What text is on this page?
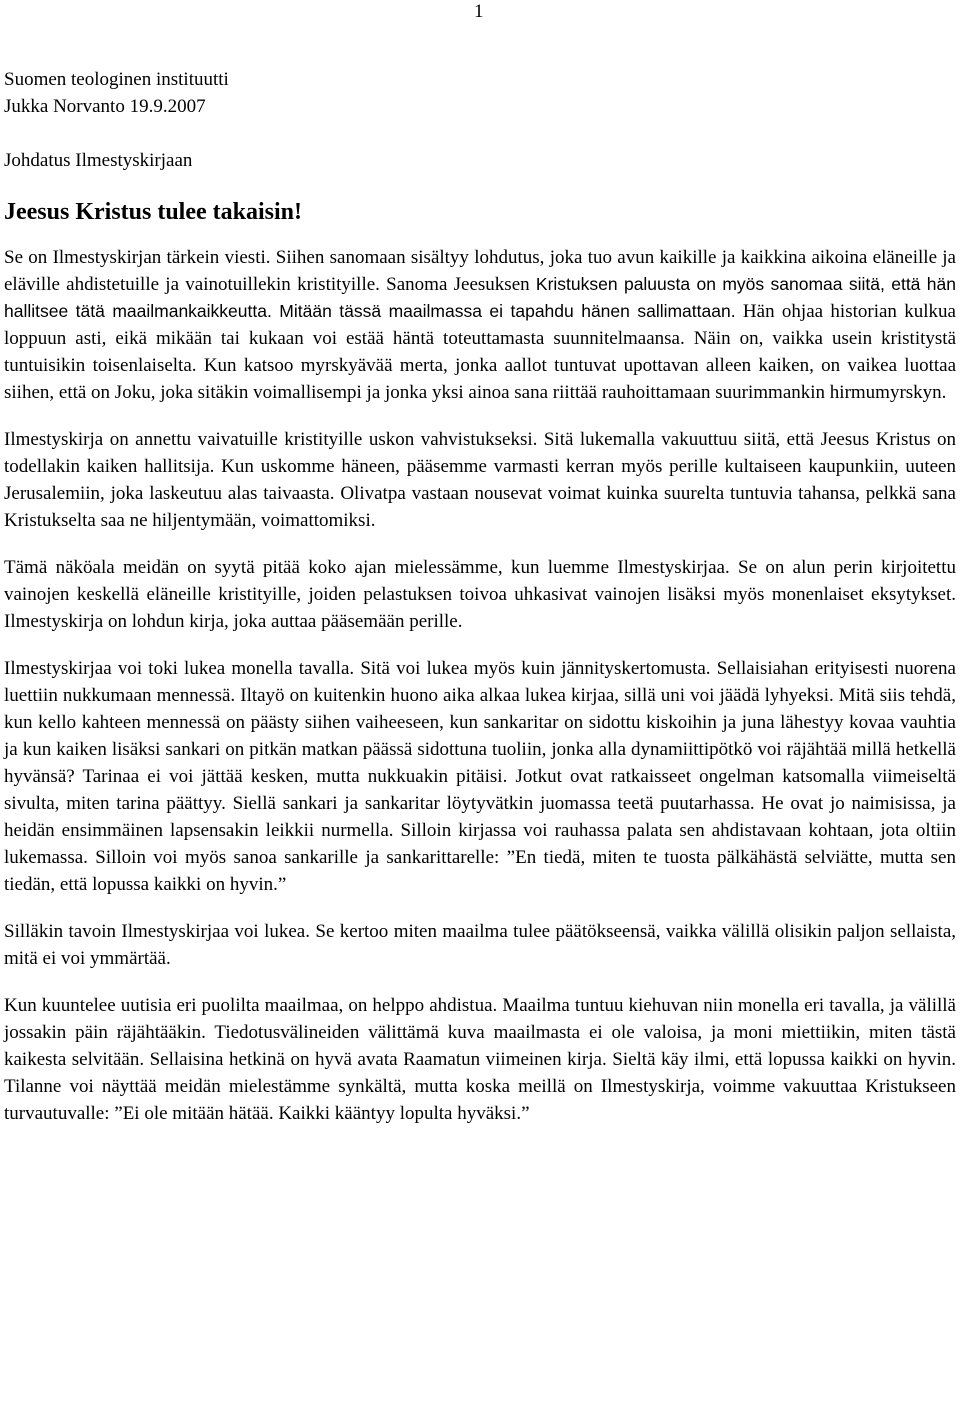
1

Suomen teologinen instituutti

Jukka Norvanto 19.9.2007

Johdatus Ilmestyskirjaan

Jeesus Kristus tulee takaisin!

Se on Ilmestyskirjan tärkein viesti. Siihen sanomaan sisältyy lohdutus, joka tuo avun kaikille ja kaikkina aikoina eläneille ja eläville ahdistetuille ja vainotuillekin kristityille. Sanoma Jeesuksen Kristuksen paluusta on myös sanomaa siitä, että hän hallitsee tätä maailmankaikkeutta. Mitään tässä maailmassa ei tapahdu hänen sallimattaan. Hän ohjaa historian kulkua loppuun asti, eikä mikään tai kukaan voi estää häntä toteuttamasta suunnitelmaansa. Näin on, vaikka usein kristitystä tuntuisikin toisenlaiselta. Kun katsoo myrskyävää merta, jonka aallot tuntuvat upottavan alleen kaiken, on vaikea luottaa siihen, että on Joku, joka sitäkin voimallisempi ja jonka yksi ainoa sana riittää rauhoittamaan suurimmankin hirmumyrskyn.

Ilmestyskirja on annettu vaivatuille kristityille uskon vahvistukseksi. Sitä lukemalla vakuuttuu siitä, että Jeesus Kristus on todellakin kaiken hallitsija. Kun uskomme häneen, pääsemme varmasti kerran myös perille kultaiseen kaupunkiin, uuteen Jerusalemiin, joka laskeutuu alas taivaasta. Olivatpa vastaan nousevat voimat kuinka suurelta tuntuvia tahansa, pelkkä sana Kristukselta saa ne hiljentymään, voimattomiksi.

Tämä näköala meidän on syytä pitää koko ajan mielessämme, kun luemme Ilmestyskirjaa. Se on alun perin kirjoitettu vainojen keskellä eläneille kristityille, joiden pelastuksen toivoa uhkasivat vainojen lisäksi myös monenlaiset eksytykset. Ilmestyskirja on lohdun kirja, joka auttaa pääsemään perille.

Ilmestyskirjaa voi toki lukea monella tavalla. Sitä voi lukea myös kuin jännityskertomusta. Sellaisiahan erityisesti nuorena luettiin nukkumaan mennessä. Iltayö on kuitenkin huono aika alkaa lukea kirjaa, sillä uni voi jäädä lyhyeksi. Mitä siis tehdä, kun kello kahteen mennessä on päästy siihen vaiheeseen, kun sankaritar on sidottu kiskoihin ja juna lähestyy kovaa vauhtia ja kun kaiken lisäksi sankari on pitkän matkan päässä sidottuna tuoliin, jonka alla dynamiittipötkö voi räjähtää millä hetkellä hyvänsä? Tarinaa ei voi jättää kesken, mutta nukkuakin pitäisi. Jotkut ovat ratkaisseet ongelman katsomalla viimeiseltä sivulta, miten tarina päättyy. Siellä sankari ja sankaritar löytyvätkin juomassa teetä puutarhassa. He ovat jo naimisissa, ja heidän ensimmäinen lapsensakin leikkii nurmella. Silloin kirjassa voi rauhassa palata sen ahdistavaan kohtaan, jota oltiin lukemassa. Silloin voi myös sanoa sankarille ja sankarittarelle: ”En tiedä, miten te tuosta pälkähästä selviätte, mutta sen tiedän, että lopussa kaikki on hyvin.”

Silläkin tavoin Ilmestyskirjaa voi lukea. Se kertoo miten maailma tulee päätökseensä, vaikka välillä olisikin paljon sellaista, mitä ei voi ymmärtää.

Kun kuuntelee uutisia eri puolilta maailmaa, on helppo ahdistua. Maailma tuntuu kiehuvan niin monella eri tavalla, ja välillä jossakin päin räjähtääkin. Tiedotusvälineiden välittämä kuva maailmasta ei ole valoisa, ja moni miettiikin, miten tästä kaikesta selvitään. Sellaisina hetkinä on hyvä avata Raamatun viimeinen kirja. Sieltä käy ilmi, että lopussa kaikki on hyvin. Tilanne voi näyttää meidän mielestämme synkältä, mutta koska meillä on Ilmestyskirja, voimme vakuuttaa Kristukseen turvautuvalle: ”Ei ole mitään hätää. Kaikki kääntyy lopulta hyväksi.”
